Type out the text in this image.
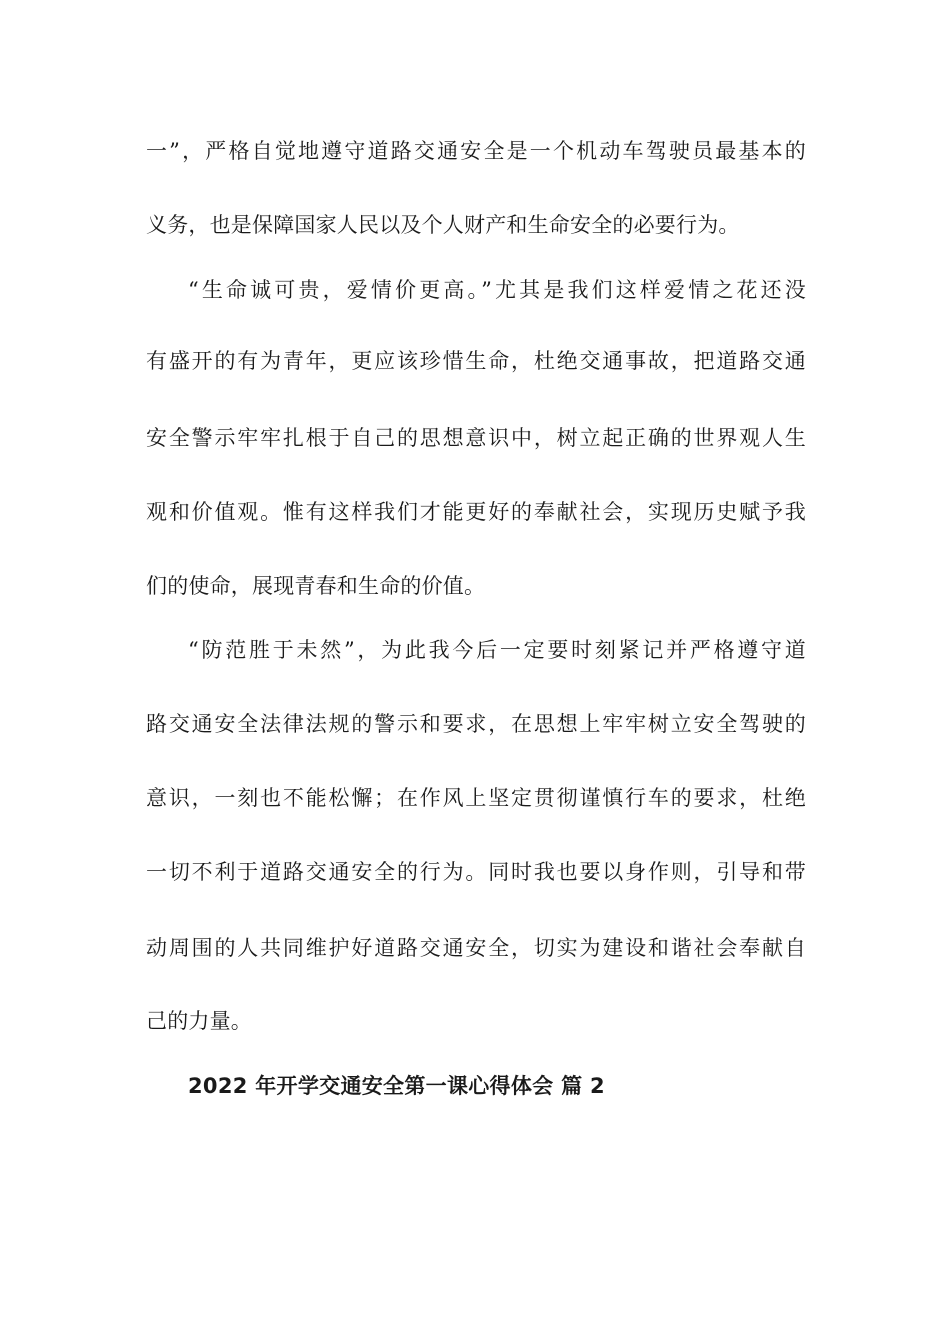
一”，严格自觉地遵守道路交通安全是一个机动车驾驶员最基本的
义务，也是保障国家人民以及个人财产和生命安全的必要行为。
“生命诚可贵，爱情价更高。”尤其是我们这样爱情之花还没
有盛开的有为青年，更应该珍惜生命，杜绝交通事故，把道路交通
安全警示牢牢扎根于自己的思想意识中，树立起正确的世界观人生
观和价值观。惟有这样我们才能更好的奉献社会，实现历史赋予我
们的使命，展现青春和生命的价值。
“防范胜于未然”，为此我今后一定要时刻紧记并严格遵守道
路交通安全法律法规的警示和要求，在思想上牢牢树立安全驾驶的
意识，一刻也不能松懈；在作风上坚定贯彻谨慎行车的要求，杜绝
一切不利于道路交通安全的行为。同时我也要以身作则，引导和带
动周围的人共同维护好道路交通安全，切实为建设和谐社会奉献自
己的力量。
2022 年开学交通安全第一课心得体会 篇 2
